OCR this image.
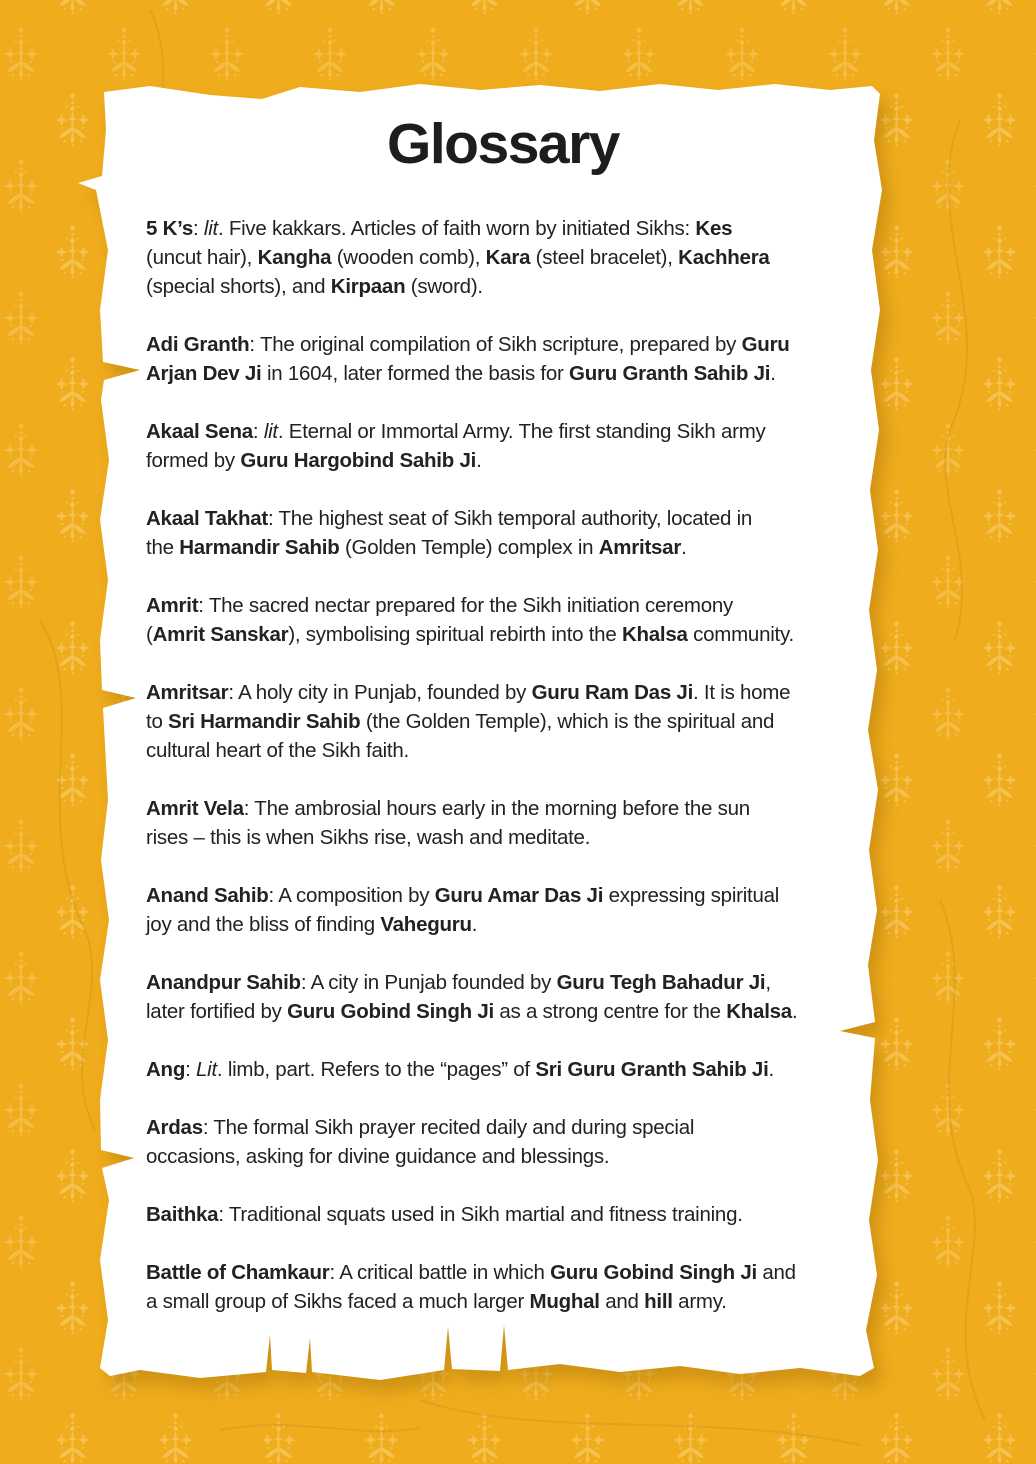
Glossary

5 K’s: lit. Five kakkars. Articles of faith worn by initiated Sikhs: Kes
(uncut hair), Kangha (wooden comb), Kara (steel bracelet), Kachhera
(special shorts), and Kirpaan (sword).

Adi Granth: The original compilation of Sikh scripture, prepared by Guru
Arjan Dev Ji in 1604, later formed the basis for Guru Granth Sahib Ji.

Akaal Sena: lit. Eternal or Immortal Army. The first standing Sikh army
formed by Guru Hargobind Sahib Ji.

Akaal Takhat: The highest seat of Sikh temporal authority, located in
the Harmandir Sahib (Golden Temple) complex in Amritsar.

Amrit: The sacred nectar prepared for the Sikh initiation ceremony
(Amrit Sanskar), symbolising spiritual rebirth into the Khalsa community.

Amritsar: A holy city in Punjab, founded by Guru Ram Das Ji. It is home
to Sri Harmandir Sahib (the Golden Temple), which is the spiritual and
cultural heart of the Sikh faith.

Amrit Vela: The ambrosial hours early in the morning before the sun
rises – this is when Sikhs rise, wash and meditate.

Anand Sahib: A composition by Guru Amar Das Ji expressing spiritual
joy and the bliss of finding Vaheguru.

Anandpur Sahib: A city in Punjab founded by Guru Tegh Bahadur Ji,
later fortified by Guru Gobind Singh Ji as a strong centre for the Khalsa.

Ang: Lit. limb, part. Refers to the “pages” of Sri Guru Granth Sahib Ji.

Ardas: The formal Sikh prayer recited daily and during special
occasions, asking for divine guidance and blessings.

Baithka: Traditional squats used in Sikh martial and fitness training.

Battle of Chamkaur: A critical battle in which Guru Gobind Singh Ji and
a small group of Sikhs faced a much larger Mughal and hill army.
